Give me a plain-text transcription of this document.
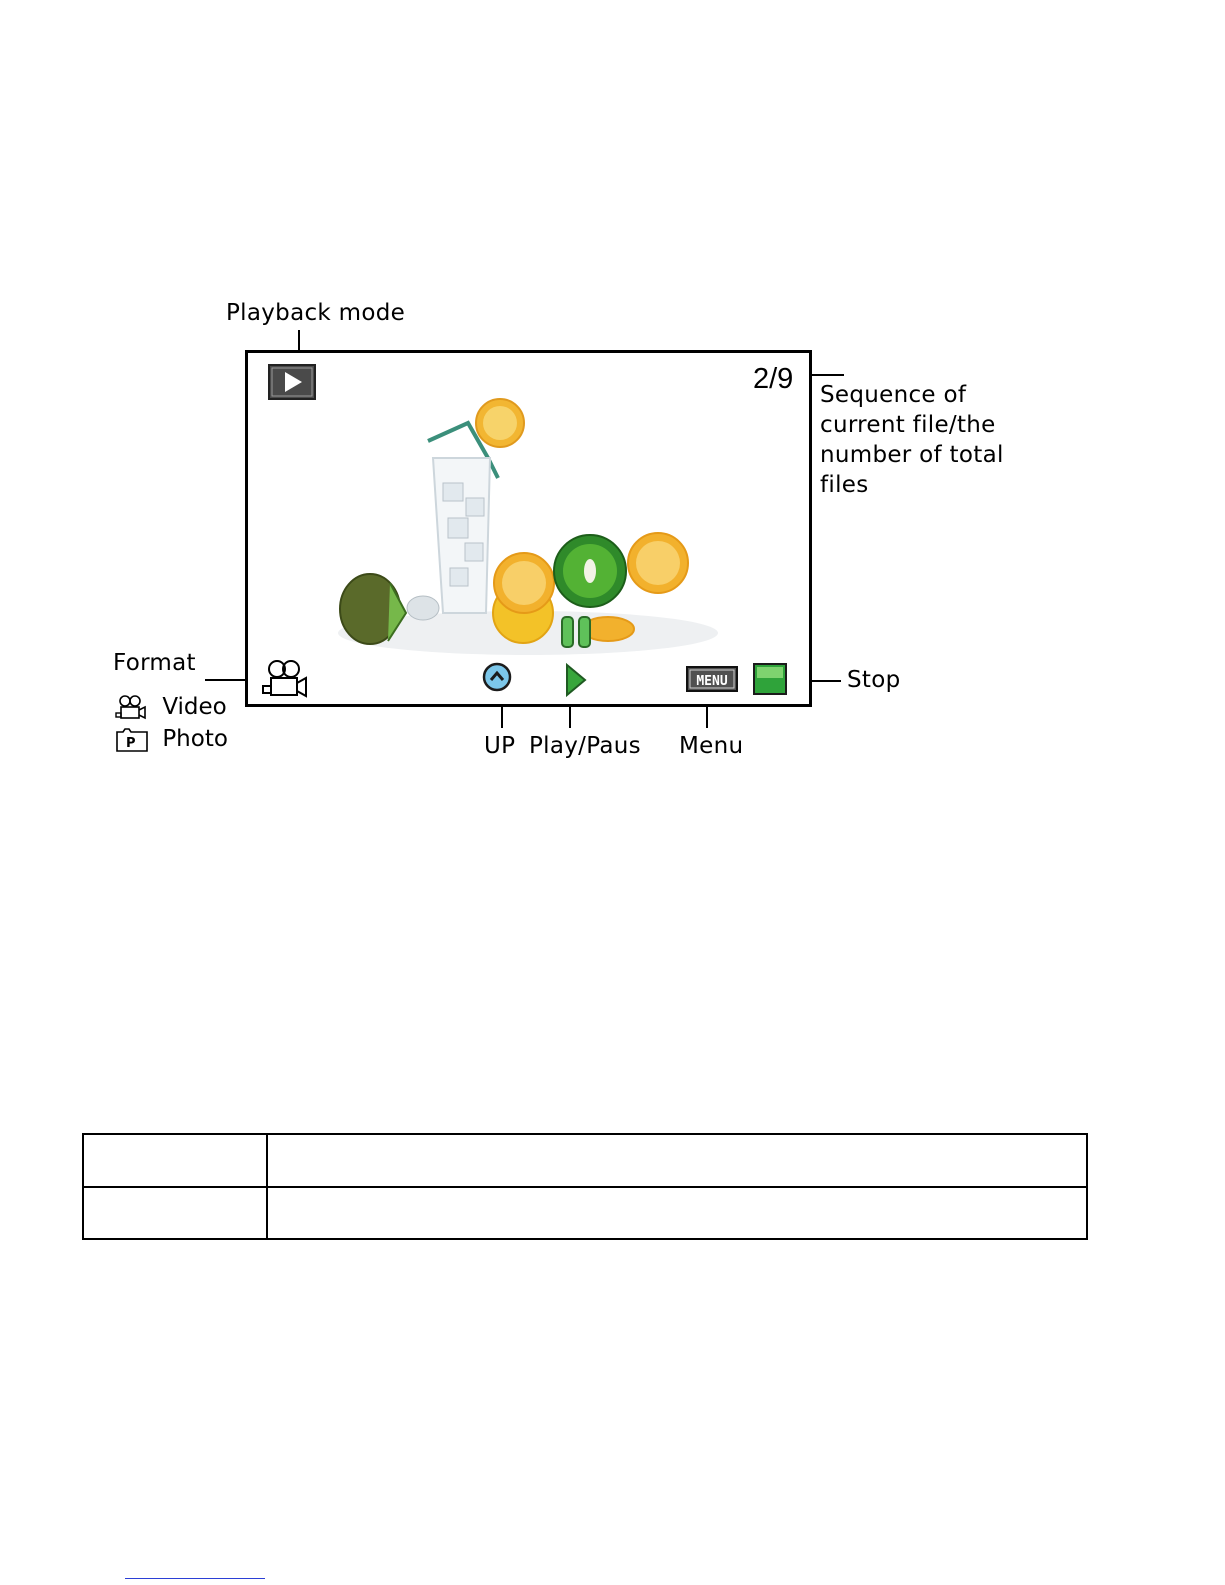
Playback mode
Sequence of
current file/the
number of total
files
Format
Video
P Photo
Stop
UP Play/Paus Menu
2/9
MENU
